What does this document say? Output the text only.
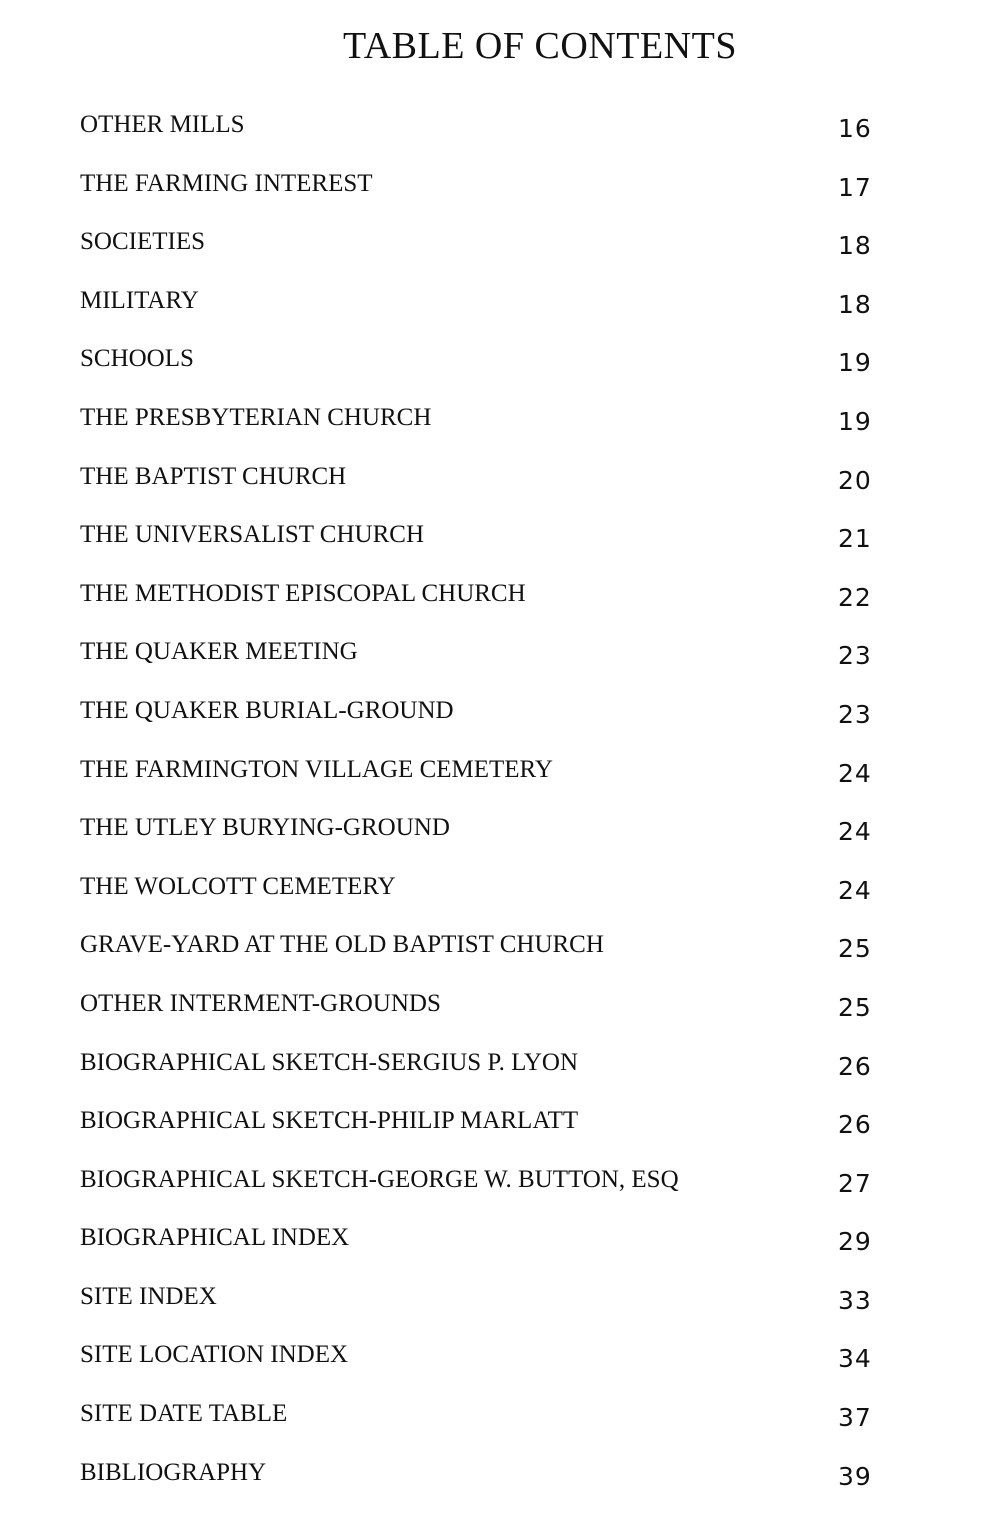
TABLE OF CONTENTS
OTHER MILLS	16
THE FARMING INTEREST	17
SOCIETIES	18
MILITARY	18
SCHOOLS	19
THE PRESBYTERIAN CHURCH	19
THE BAPTIST CHURCH	20
THE UNIVERSALIST CHURCH	21
THE METHODIST EPISCOPAL CHURCH	22
THE QUAKER MEETING	23
THE QUAKER BURIAL-GROUND	23
THE FARMINGTON VILLAGE CEMETERY	24
THE UTLEY BURYING-GROUND	24
THE WOLCOTT CEMETERY	24
GRAVE-YARD AT THE OLD BAPTIST CHURCH	25
OTHER INTERMENT-GROUNDS	25
BIOGRAPHICAL SKETCH-SERGIUS P. LYON	26
BIOGRAPHICAL SKETCH-PHILIP MARLATT	26
BIOGRAPHICAL SKETCH-GEORGE W. BUTTON, ESQ	27
BIOGRAPHICAL INDEX	29
SITE INDEX	33
SITE LOCATION INDEX	34
SITE DATE TABLE	37
BIBLIOGRAPHY	39
